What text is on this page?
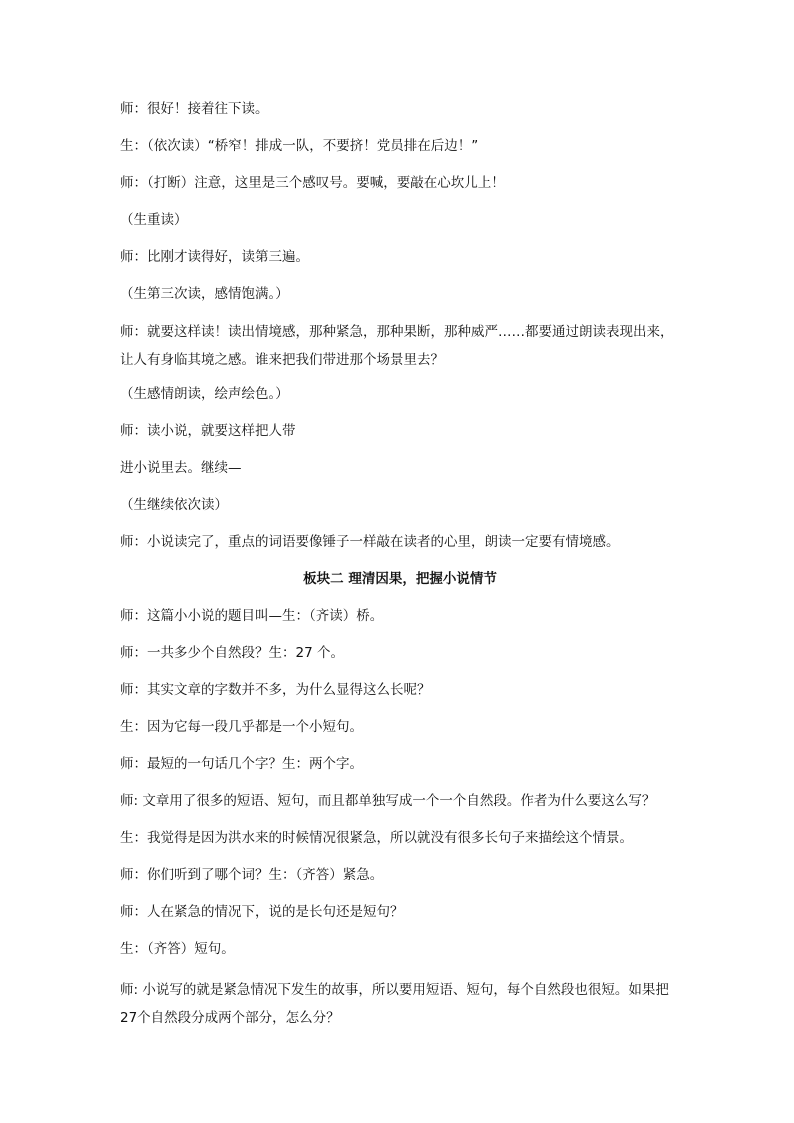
师：很好！接着往下读。

生：（依次读）“桥窄！排成一队，不要挤！党员排在后边！”

师：（打断）注意，这里是三个感叹号。要喊，要敲在心坎儿上！

（生重读）

师：比刚才读得好，读第三遍。

（生第三次读，感情饱满。）

师：就要这样读！读出情境感，那种紧急，那种果断，那种威严……都要通过朗读表现出来，让人有身临其境之感。谁来把我们带进那个场景里去？

（生感情朗读，绘声绘色。）

师：读小说，就要这样把人带

进小说里去。继续—

（生继续依次读）

师：小说读完了，重点的词语要像锤子一样敲在读者的心里，朗读一定要有情境感。

板块二 理清因果，把握小说情节

师：这篇小小说的题目叫—生：（齐读）桥。

师：一共多少个自然段？生：27 个。

师：其实文章的字数并不多，为什么显得这么长呢？

生：因为它每一段几乎都是一个小短句。

师：最短的一句话几个字？生：两个字。

师: 文章用了很多的短语、短句，而且都单独写成一个一个自然段。作者为什么要这么写？

生：我觉得是因为洪水来的时候情况很紧急，所以就没有很多长句子来描绘这个情景。

师：你们听到了哪个词？生：（齐答）紧急。

师：人在紧急的情况下，说的是长句还是短句？

生：（齐答）短句。

师: 小说写的就是紧急情况下发生的故事，所以要用短语、短句，每个自然段也很短。如果把 27个自然段分成两个部分，怎么分？
